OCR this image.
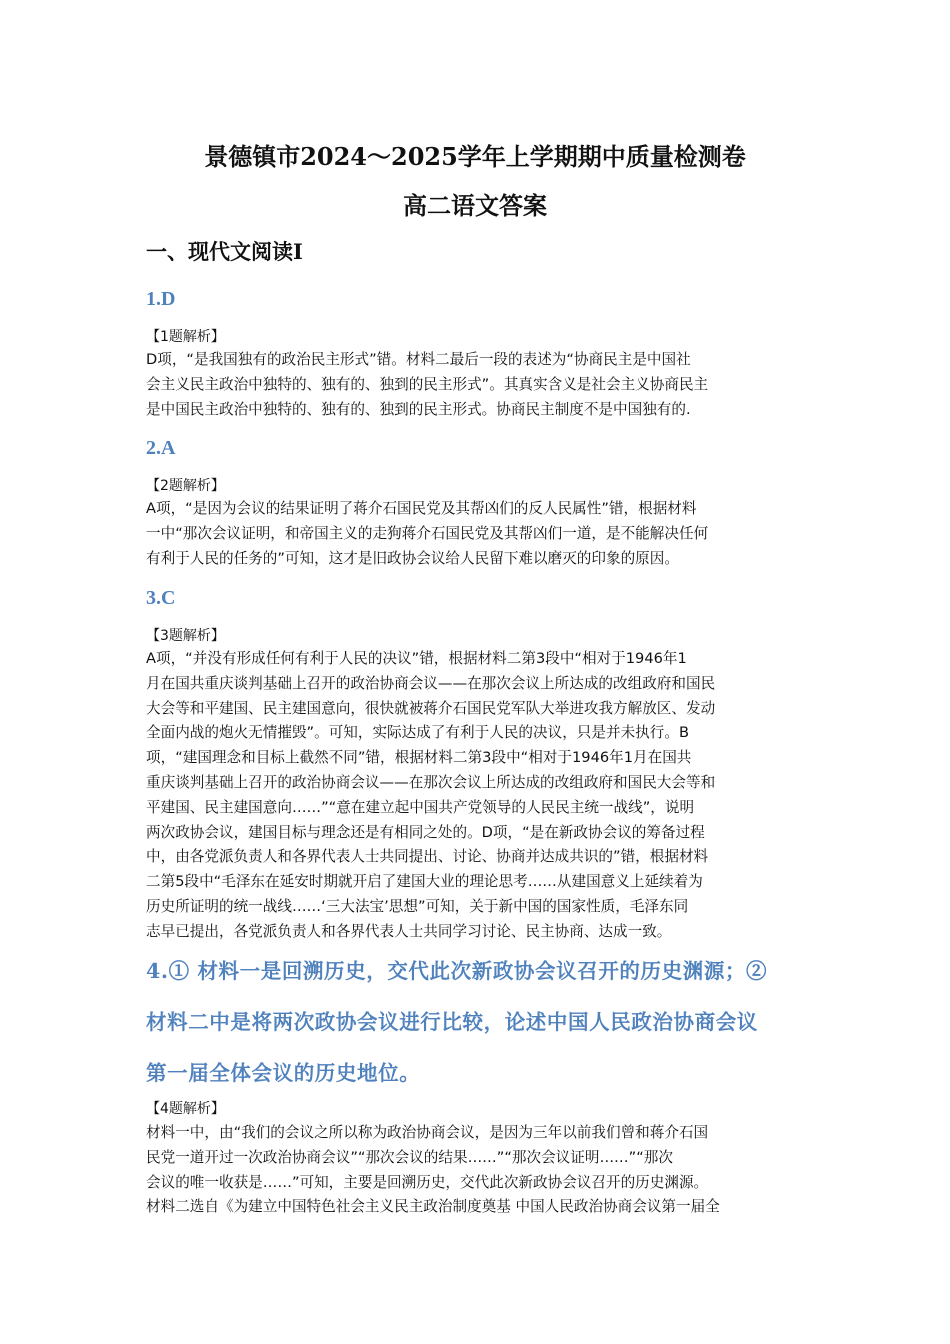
景德镇市2024～2025学年上学期期中质量检测卷
高二语文答案
一、现代文阅读Ⅰ
1.D
【1题解析】
D项，“是我国独有的政治民主形式”错。材料二最后一段的表述为“协商民主是中国社
会主义民主政治中独特的、独有的、独到的民主形式”。其真实含义是社会主义协商民主
是中国民主政治中独特的、独有的、独到的民主形式。协商民主制度不是中国独有的.
2.A
【2题解析】
A项，“是因为会议的结果证明了蒋介石国民党及其帮凶们的反人民属性”错，根据材料
一中“那次会议证明，和帝国主义的走狗蒋介石国民党及其帮凶们一道，是不能解决任何
有利于人民的任务的”可知，这才是旧政协会议给人民留下难以磨灭的印象的原因。
3.C
【3题解析】
A项，“并没有形成任何有利于人民的决议”错，根据材料二第3段中“相对于1946年1
月在国共重庆谈判基础上召开的政治协商会议——在那次会议上所达成的改组政府和国民
大会等和平建国、民主建国意向，很快就被蒋介石国民党军队大举进攻我方解放区、发动
全面内战的炮火无情摧毁”。可知，实际达成了有利于人民的决议，只是并未执行。B
项，“建国理念和目标上截然不同”错，根据材料二第3段中“相对于1946年1月在国共
重庆谈判基础上召开的政治协商会议——在那次会议上所达成的改组政府和国民大会等和
平建国、民主建国意向……”“意在建立起中国共产党领导的人民民主统一战线”，说明
两次政协会议，建国目标与理念还是有相同之处的。D项，“是在新政协会议的筹备过程
中，由各党派负责人和各界代表人士共同提出、讨论、协商并达成共识的”错，根据材料
二第5段中“毛泽东在延安时期就开启了建国大业的理论思考……从建国意义上延续着为
历史所证明的统一战线……‘三大法宝’思想”可知，关于新中国的国家性质，毛泽东同
志早已提出，各党派负责人和各界代表人士共同学习讨论、民主协商、达成一致。
4.① 材料一是回溯历史，交代此次新政协会议召开的历史渊源；②
材料二中是将两次政协会议进行比较，论述中国人民政治协商会议
第一届全体会议的历史地位。
【4题解析】
材料一中，由“我们的会议之所以称为政治协商会议，是因为三年以前我们曾和蒋介石国
民党一道开过一次政治协商会议”“那次会议的结果……”“那次会议证明……”“那次
会议的唯一收获是……”可知，主要是回溯历史，交代此次新政协会议召开的历史渊源。
材料二选自《为建立中国特色社会主义民主政治制度奠基 中国人民政治协商会议第一届全
